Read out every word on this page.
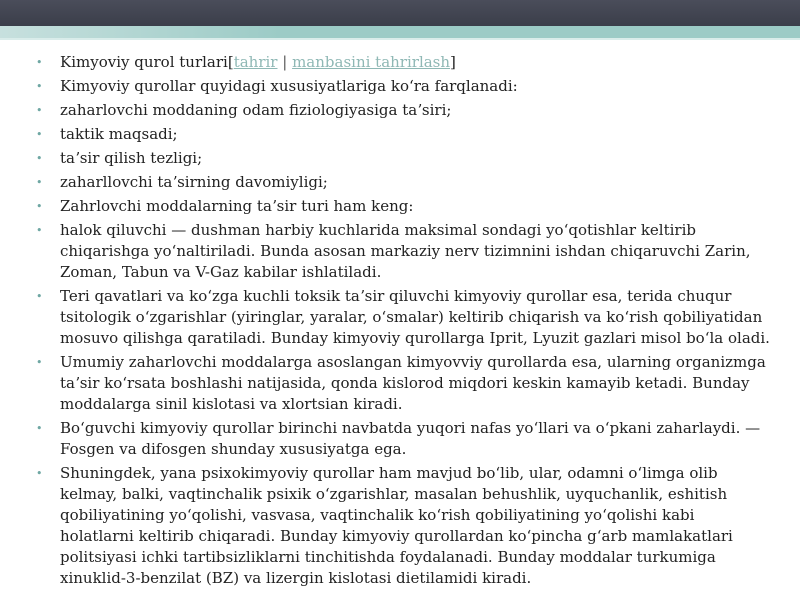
• Kimyoviy qurol turlari[tahrir | manbasini tahrirlash]
• Kimyoviy qurollar quyidagi xususiyatlariga koʻra farqlanadi:
• zaharlovchi moddaning odam fiziologiyasiga taʼsiri;
• taktik maqsadi;
• taʼsir qilish tezligi;
• zaharllovchi taʼsirning davomiyligi;
• Zahrlovchi moddalarning taʼsir turi ham keng:
• halok qiluvchi — dushman harbiy kuchlarida maksimal sondagi yoʻqotishlar keltirib chiqarishga yoʻnaltiriladi. Bunda asosan markaziy nerv tizimnini ishdan chiqaruvchi Zarin, Zoman, Tabun va V-Gaz kabilar ishlatiladi.
• Teri qavatlari va koʻzga kuchli toksik taʼsir qiluvchi kimyoviy qurollar esa, terida chuqur tsitologik oʻzgarishlar (yiringlar, yaralar, oʻsmalar) keltirib chiqarish va koʻrish qobiliyatidan mosuvo qilishga qaratiladi. Bunday kimyoviy qurollarga Iprit, Lyuzit gazlari misol boʻla oladi.
• Umumiy zaharlovchi moddalarga asoslangan kimyovviy qurollarda esa, ularning organizmga taʼsir koʻrsata boshlashi natijasida, qonda kislorod miqdori keskin kamayib ketadi. Bunday moddalarga sinil kislotasi va xlortsian kiradi.
• Boʻguvchi kimyoviy qurollar birinchi navbatda yuqori nafas yoʻllari va oʻpkani zaharlaydi. — Fosgen va difosgen shunday xususiyatga ega.
• Shuningdek, yana psixokimyoviy qurollar ham mavjud boʻlib, ular, odamni oʻlimga olib kelmay, balki, vaqtinchalik psixik oʻzgarishlar, masalan behushlik, uyquchanlik, eshitish qobiliyatining yoʻqolishi, vasvasa, vaqtinchalik koʻrish qobiliyatining yoʻqolishi kabi holatlarni keltirib chiqaradi. Bunday kimyoviy qurollardan koʻpincha gʻarb mamlakatlari politsiyasi ichki tartibsizliklarni tinchitishda foydalanadi. Bunday moddalar turkumiga xinuklid-3-benzilat (BZ) va lizergin kislotasi dietilamidi kiradi.
